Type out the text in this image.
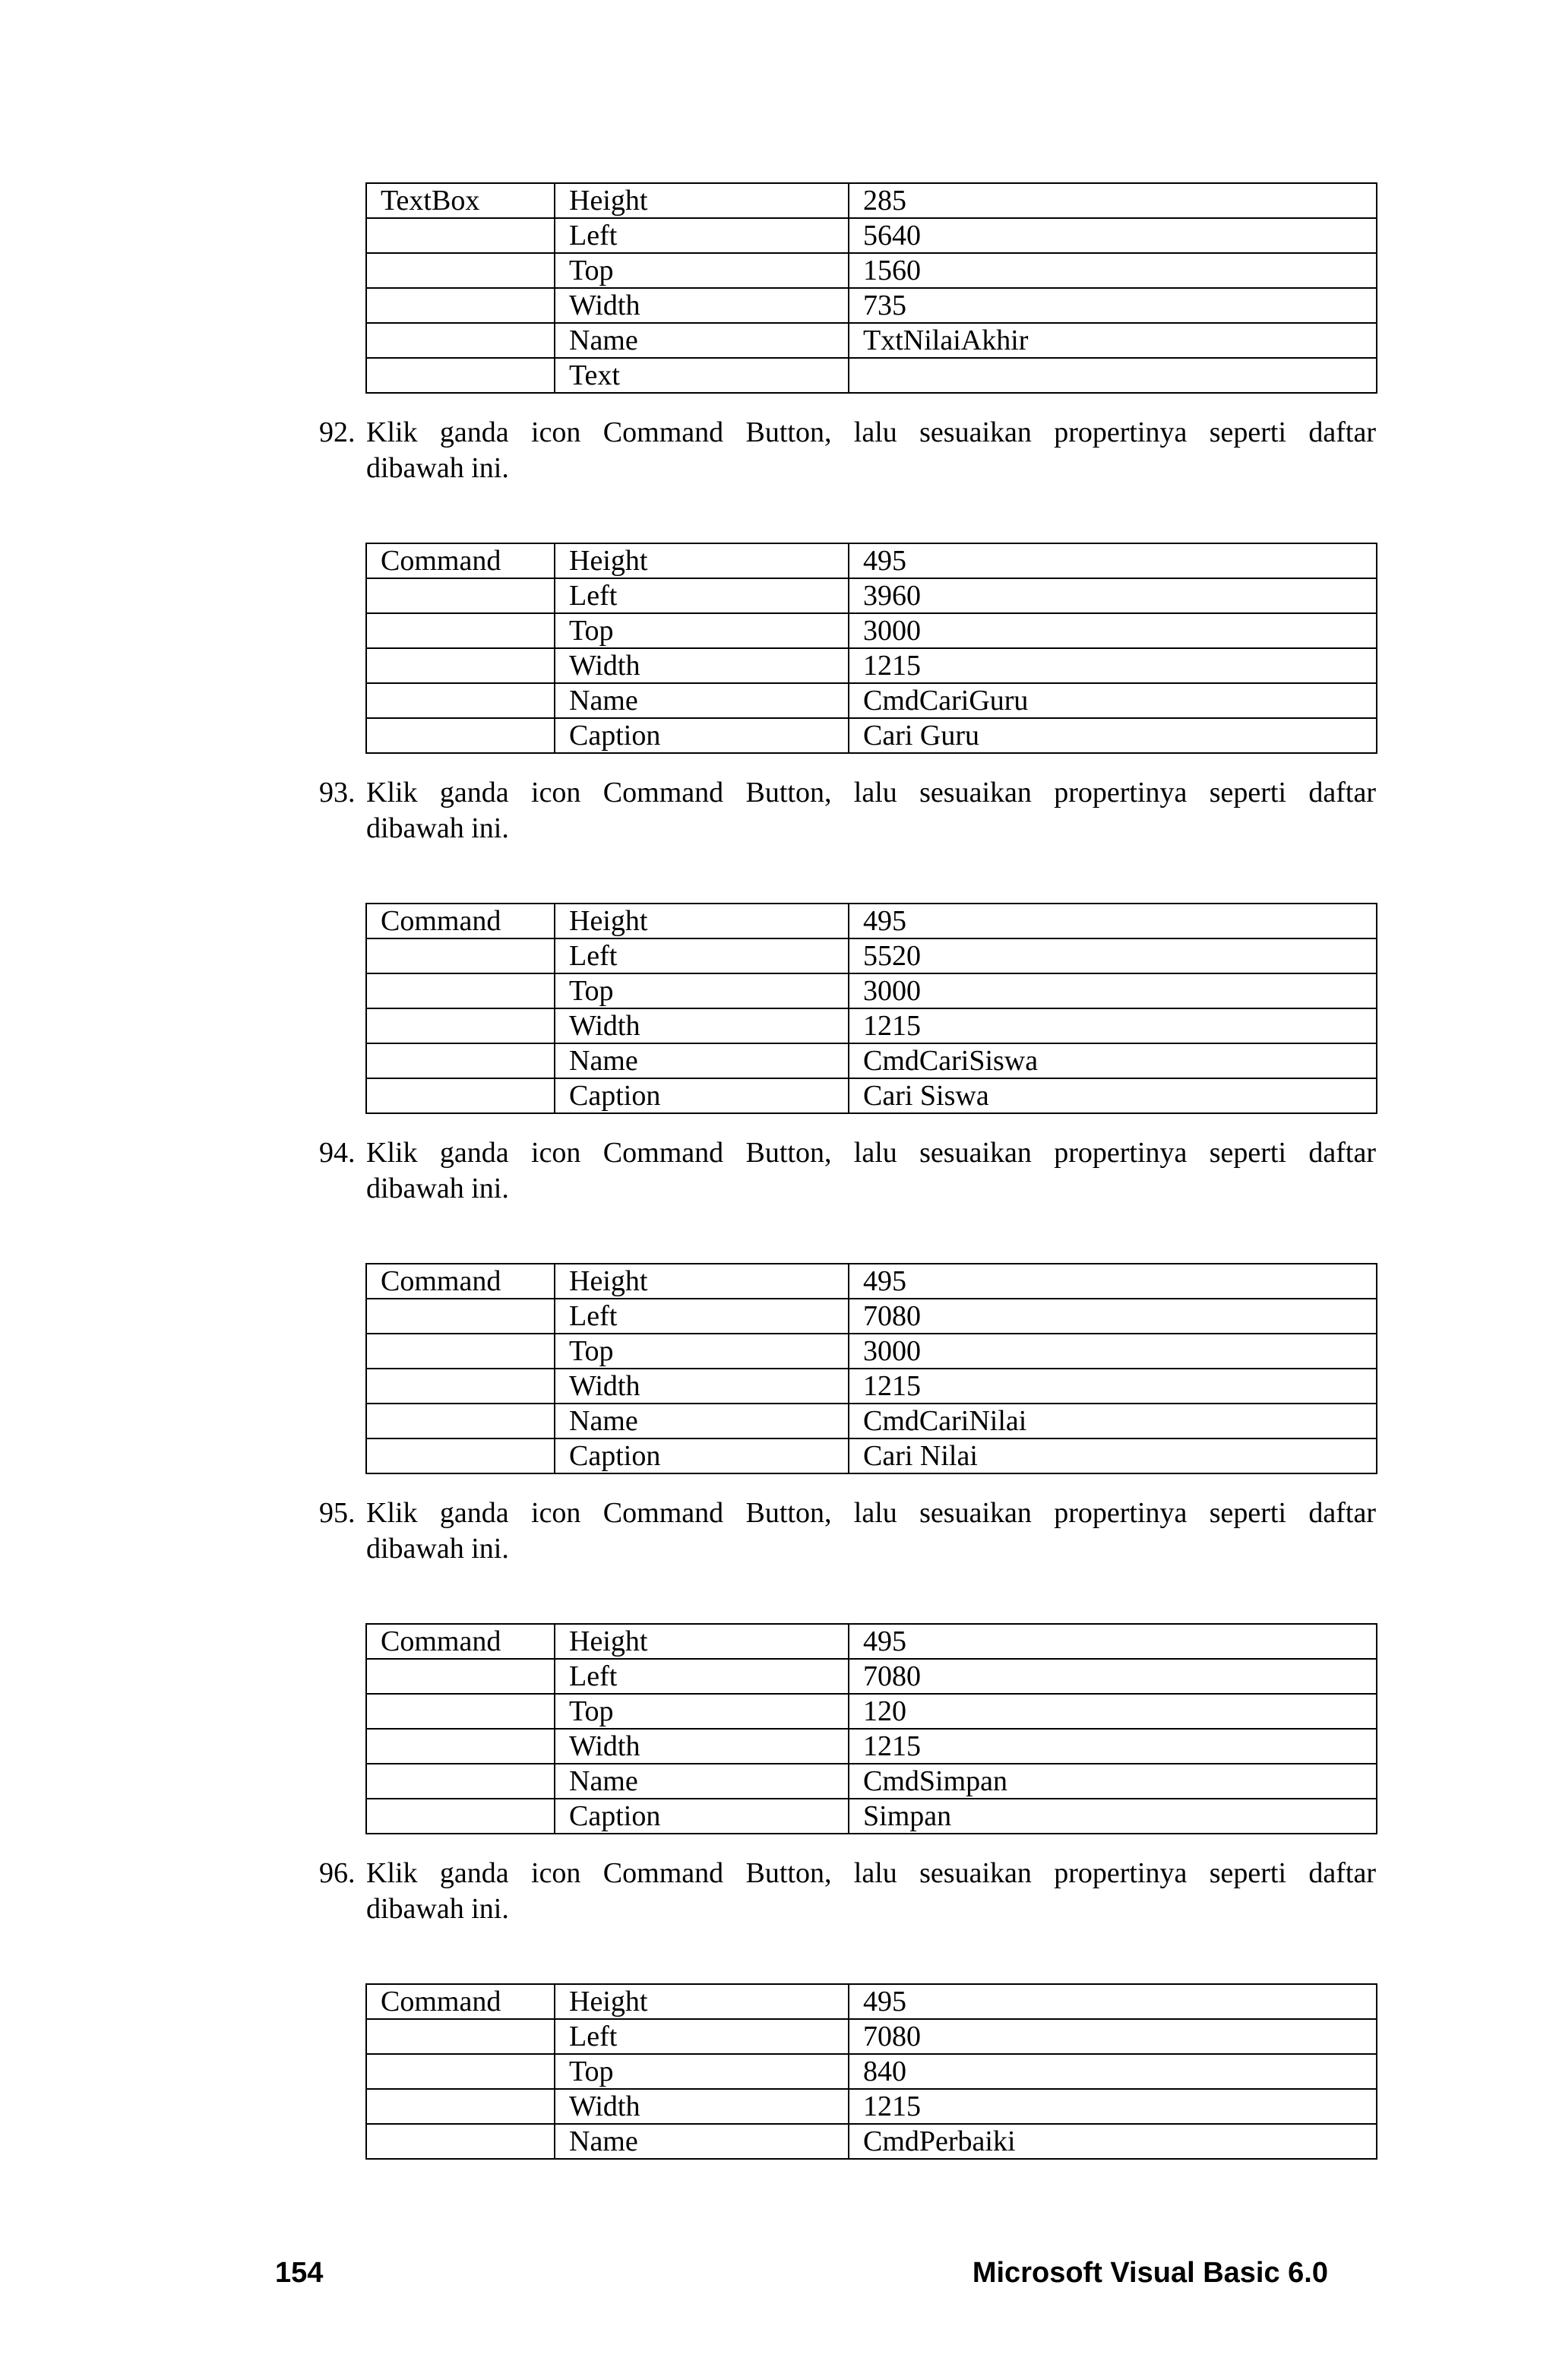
TextBox	Height	285
	Left	5640
	Top	1560
	Width	735
	Name	TxtNilaiAkhir
	Text	
92. Klik ganda icon Command Button, lalu sesuaikan propertinya seperti daftar
dibawah ini.
Command	Height	495
	Left	3960
	Top	3000
	Width	1215
	Name	CmdCariGuru
	Caption	Cari Guru
93. Klik ganda icon Command Button, lalu sesuaikan propertinya seperti daftar
dibawah ini.
Command	Height	495
	Left	5520
	Top	3000
	Width	1215
	Name	CmdCariSiswa
	Caption	Cari Siswa
94. Klik ganda icon Command Button, lalu sesuaikan propertinya seperti daftar
dibawah ini.
Command	Height	495
	Left	7080
	Top	3000
	Width	1215
	Name	CmdCariNilai
	Caption	Cari Nilai
95. Klik ganda icon Command Button, lalu sesuaikan propertinya seperti daftar
dibawah ini.
Command	Height	495
	Left	7080
	Top	120
	Width	1215
	Name	CmdSimpan
	Caption	Simpan
96. Klik ganda icon Command Button, lalu sesuaikan propertinya seperti daftar
dibawah ini.
Command	Height	495
	Left	7080
	Top	840
	Width	1215
	Name	CmdPerbaiki
154	Microsoft Visual Basic 6.0
